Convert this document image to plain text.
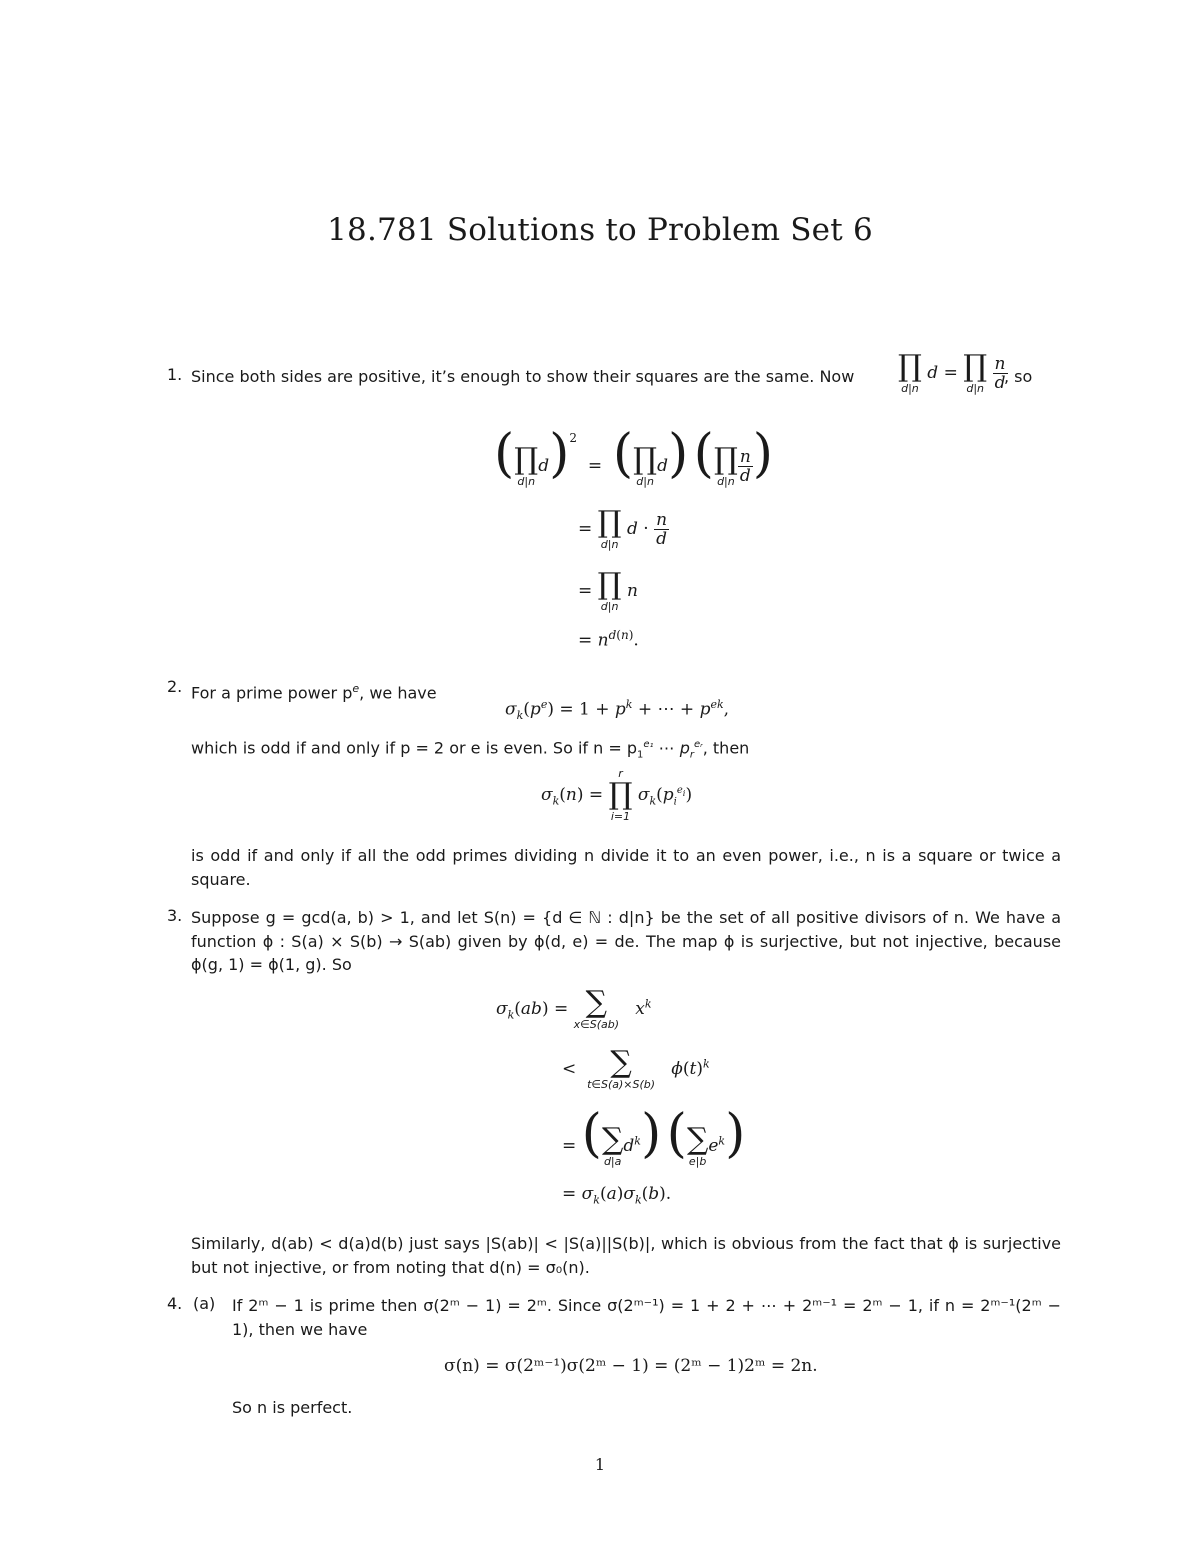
18.781 Solutions to Problem Set 6
1. Since both sides are positive, it’s enough to show their squares are the same. Now ∏
d|n
d = ∏
d|n
$\frac{n}{d}$
, so
( ∏
d|n
d)$^2$  =  ( ∏
d|n
d) ( ∏
$d|n \frac{n}{d}$ )
= ∏
d|n
$d \cdot \frac{n}{d}$
= ∏
d|n
n
= $n^{d(n)}$.
2. For a prime power $p^e$, we have
$\sigma_k(p^e) = 1 + p^k$ + ⋯ + $p^{ek}$,
which is odd if and only if p = 2 or e is even. So if $n = p_1^{e_1}$ ⋯ $p_r^{eᵣ}$, then
$\sigma_k(n)$ =
r
∏
i=1
$\sigma_k(p_i^{e_i})$
is odd if and only if all the odd primes dividing n divide it to an even power, i.e., n is a square or twice a square.
3. Suppose g = gcd(a, b) > 1, and let S(n) = {d ∈ ℕ : d|n} be the set of all positive divisors of n. We have a function ϕ : S(a) × S(b) → S(ab) given by ϕ(d, e) = de. The map ϕ is surjective, but not injective, because ϕ(g, 1) = ϕ(1, g). So
$\sigma_k(ab)$ = ∑
x∈S(ab)
$x^k$
< ∑
t∈S(a)×S(b)
$\phi(t)^k$
= ( ∑
d|a
$d^k$) ( ∑
e|b
$e^k$)
= $\sigma_k(a)\sigma_k(b)$.
Similarly, d(ab) < d(a)d(b) just says |S(ab)| < |S(a)||S(b)|, which is obvious from the fact that ϕ is surjective but not injective, or from noting that d(n) = σ₀(n).
4. (a) If 2ᵐ − 1 is prime then σ(2ᵐ − 1) = 2ᵐ. Since σ(2ᵐ⁻¹) = 1 + 2 + ⋯ + 2ᵐ⁻¹ = 2ᵐ − 1, if n = 2ᵐ⁻¹(2ᵐ − 1), then we have
σ(n) = σ(2ᵐ⁻¹)σ(2ᵐ − 1) = (2ᵐ − 1)2ᵐ = 2n.
So n is perfect.
1
